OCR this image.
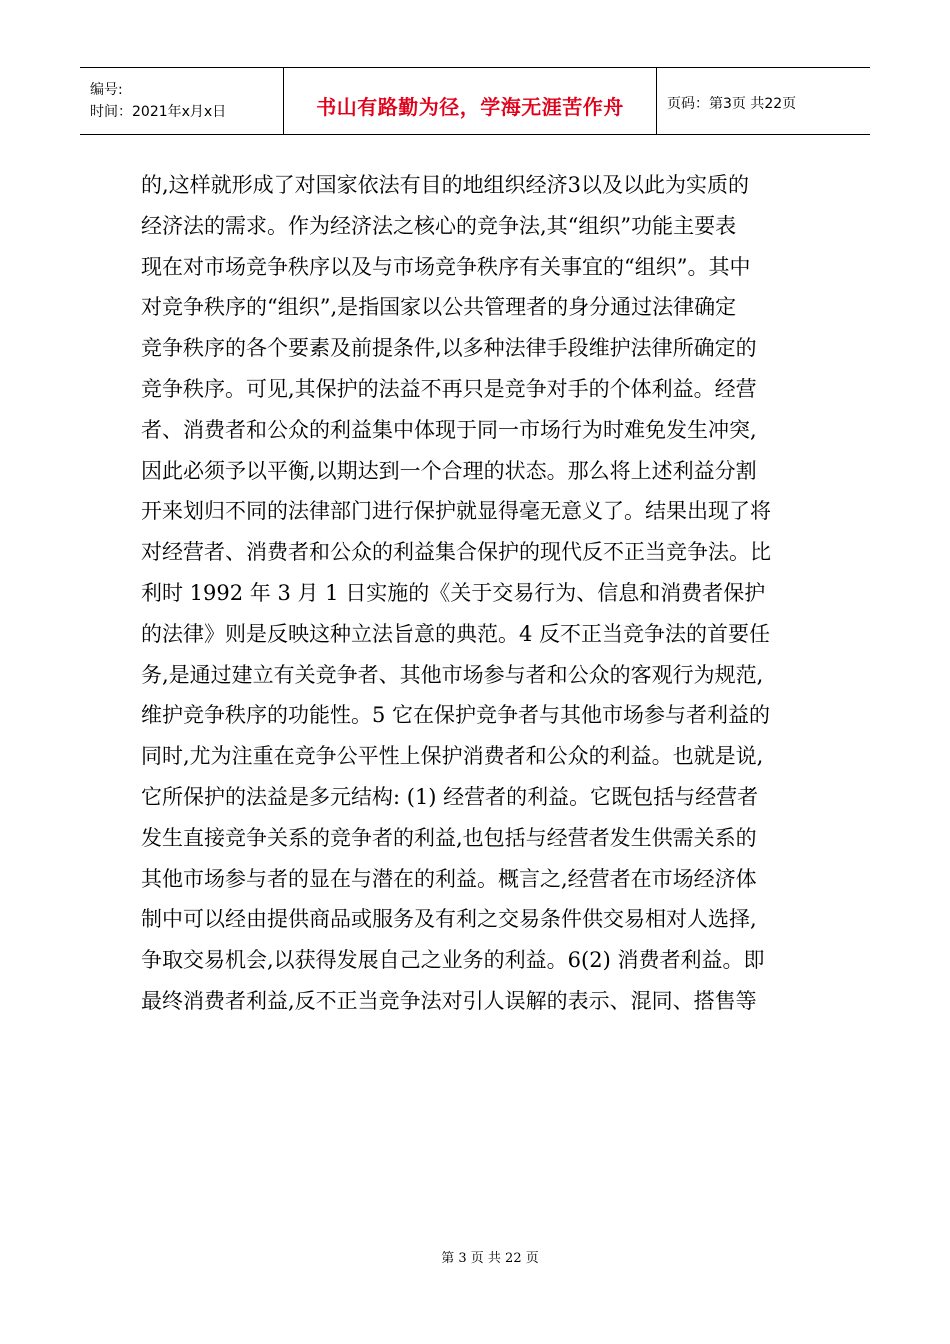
编号:
时间：2021年x月x日	书山有路勤为径，学海无涯苦作舟	页码：第3页 共22页
的,这样就形成了对国家依法有目的地组织经济3以及以此为实质的
经济法的需求。作为经济法之核心的竞争法,其“组织”功能主要表
现在对市场竞争秩序以及与市场竞争秩序有关事宜的“组织”。其中
对竞争秩序的“组织”,是指国家以公共管理者的身分通过法律确定
竞争秩序的各个要素及前提条件,以多种法律手段维护法律所确定的
竞争秩序。可见,其保护的法益不再只是竞争对手的个体利益。经营
者、消费者和公众的利益集中体现于同一市场行为时难免发生冲突,
因此必须予以平衡,以期达到一个合理的状态。那么将上述利益分割
开来划归不同的法律部门进行保护就显得毫无意义了。结果出现了将
对经营者、消费者和公众的利益集合保护的现代反不正当竞争法。比
利时 1992 年 3 月 1 日实施的《关于交易行为、信息和消费者保护
的法律》则是反映这种立法旨意的典范。4 反不正当竞争法的首要任
务,是通过建立有关竞争者、其他市场参与者和公众的客观行为规范,
维护竞争秩序的功能性。5 它在保护竞争者与其他市场参与者利益的
同时,尤为注重在竞争公平性上保护消费者和公众的利益。也就是说,
它所保护的法益是多元结构: (1) 经营者的利益。它既包括与经营者
发生直接竞争关系的竞争者的利益,也包括与经营者发生供需关系的
其他市场参与者的显在与潜在的利益。概言之,经营者在市场经济体
制中可以经由提供商品或服务及有利之交易条件供交易相对人选择,
争取交易机会,以获得发展自己之业务的利益。6(2) 消费者利益。即
最终消费者利益,反不正当竞争法对引人误解的表示、混同、搭售等
第 3 页 共 22 页
